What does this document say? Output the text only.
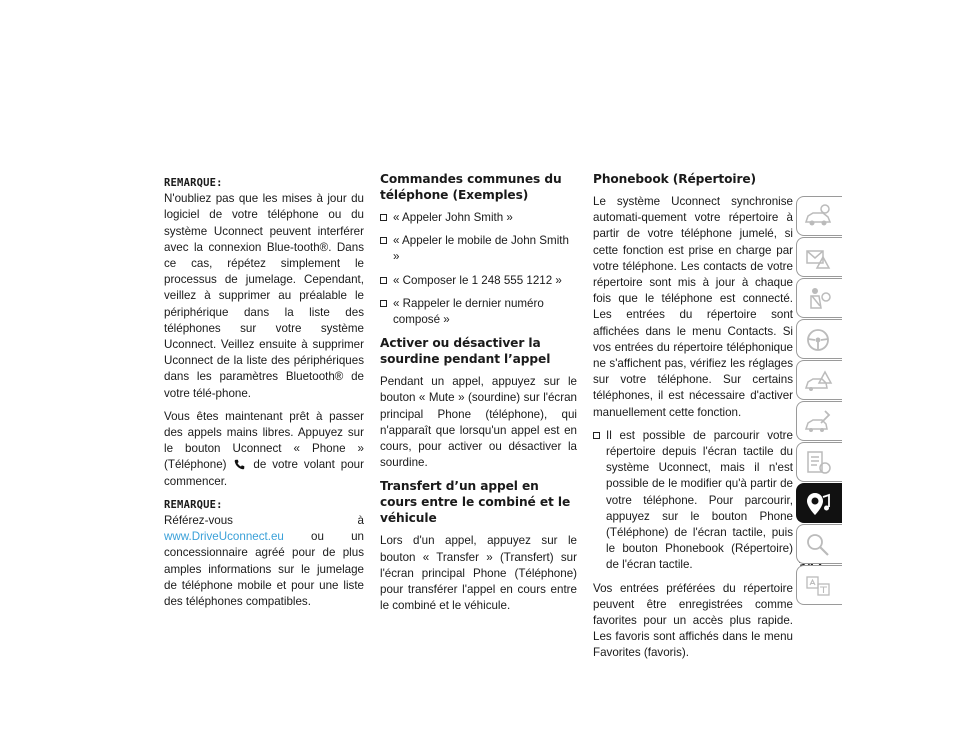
REMARQUE:

N'oubliez pas que les mises à jour du logiciel de votre téléphone ou du système Uconnect peuvent interférer avec la connexion Blue-tooth®. Dans ce cas, répétez simplement le processus de jumelage. Cependant, veillez à supprimer au préalable le périphérique dans la liste des téléphones sur votre système Uconnect. Veillez ensuite à supprimer Uconnect de la liste des périphériques dans les paramètres Bluetooth® de votre télé-phone.

Vous êtes maintenant prêt à passer des appels mains libres. Appuyez sur le bouton Uconnect « Phone » (Téléphone) de votre volant pour commencer.

REMARQUE:

Référez-vous à www.DriveUconnect.eu ou un concessionnaire agréé pour de plus amples informations sur le jumelage de téléphone mobile et pour une liste des téléphones compatibles.

Commandes communes du téléphone (Exemples)
« Appeler John Smith »
« Appeler le mobile de John Smith »
« Composer le 1 248 555 1212 »
« Rappeler le dernier numéro composé »
Activer ou désactiver la sourdine pendant l’appel

Pendant un appel, appuyez sur le bouton « Mute » (sourdine) sur l'écran principal Phone (téléphone), qui n'apparaît que lorsqu'un appel est en cours, pour activer ou désactiver la sourdine.

Transfert d’un appel en cours entre le combiné et le véhicule

Lors d'un appel, appuyez sur le bouton « Transfer » (Transfert) sur l'écran principal Phone (Téléphone) pour transférer l'appel en cours entre le combiné et le véhicule.

Phonebook (Répertoire)

Le système Uconnect synchronise automati-quement votre répertoire à partir de votre téléphone jumelé, si cette fonction est prise en charge par votre téléphone. Les contacts de votre répertoire sont mis à jour à chaque fois que le téléphone est connecté. Les entrées du répertoire sont affichées dans le menu Contacts. Si vos entrées du répertoire téléphonique ne s'affichent pas, vérifiez les réglages sur votre téléphone. Sur certains téléphones, il est nécessaire d'activer manuellement cette fonction.

Il est possible de parcourir votre répertoire depuis l'écran tactile du système Uconnect, mais il n'est possible de le modifier qu'à partir de votre téléphone. Pour parcourir, appuyez sur le bouton Phone (Téléphone) de l'écran tactile, puis le bouton Phonebook (Répertoire) de l'écran tactile.

Vos entrées préférées du répertoire peuvent être enregistrées comme favorites pour un accès plus rapide. Les favoris sont affichés dans le menu Favorites (favoris).
